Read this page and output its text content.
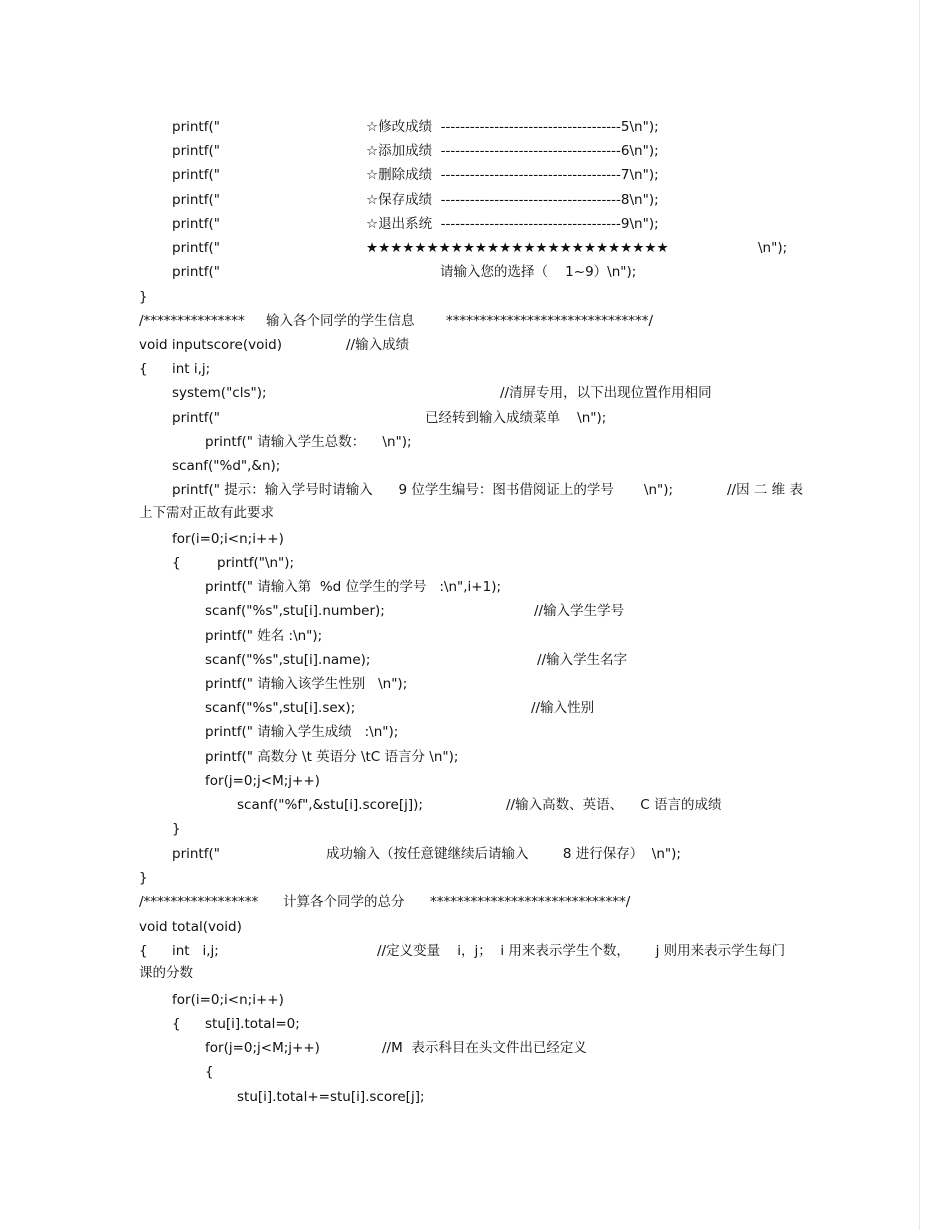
printf("	☆修改成绩  -------------------------------------5\n");
printf("	☆添加成绩  -------------------------------------6\n");
printf("	☆删除成绩  -------------------------------------7\n");
printf("	☆保存成绩  -------------------------------------8\n");
printf("	☆退出系统  -------------------------------------9\n");
printf("	★★★★★★★★★★★★★★★★★★★★★★★★★	\n");
printf("	请输入您的选择（    1~9）\n");
}
/*************** 输入各个同学的学生信息 ******************************/
void inputscore(void)	//输入成绩
{ int i,j;
system("cls");	//清屏专用，以下出现位置作用相同
printf("	已经转到输入成绩菜单    \n");
printf(" 请输入学生总数：    \n");
scanf("%d",&n);
printf(" 提示：输入学号时请输入      9 位学生编号：图书借阅证上的学号       \n");	//因 二 维 表
上下需对正故有此要求
for(i=0;i<n;i++)
{	printf("\n");
printf(" 请输入第  %d 位学生的学号   :\n",i+1);
scanf("%s",stu[i].number);	//输入学生学号
printf(" 姓名 :\n");
scanf("%s",stu[i].name);	//输入学生名字
printf(" 请输入该学生性别   \n");
scanf("%s",stu[i].sex);	//输入性别
printf(" 请输入学生成绩   :\n");
printf(" 高数分 \t 英语分 \tC 语言分 \n");
for(j=0;j<M;j++)
scanf("%f",&stu[i].score[j]);	//输入高数、英语、    C 语言的成绩
}
printf("	成功输入（按任意键继续后请输入        8 进行保存）  \n");
}
/***************** 计算各个同学的总分 *****************************/
void total(void)
{ int   i,j;	//定义变量    i，j；  i 用来表示学生个数，      j 则用来表示学生每门
课的分数
for(i=0;i<n;i++)
{ stu[i].total=0;
for(j=0;j<M;j++)	//M  表示科目在头文件出已经定义
{
stu[i].total+=stu[i].score[j];
